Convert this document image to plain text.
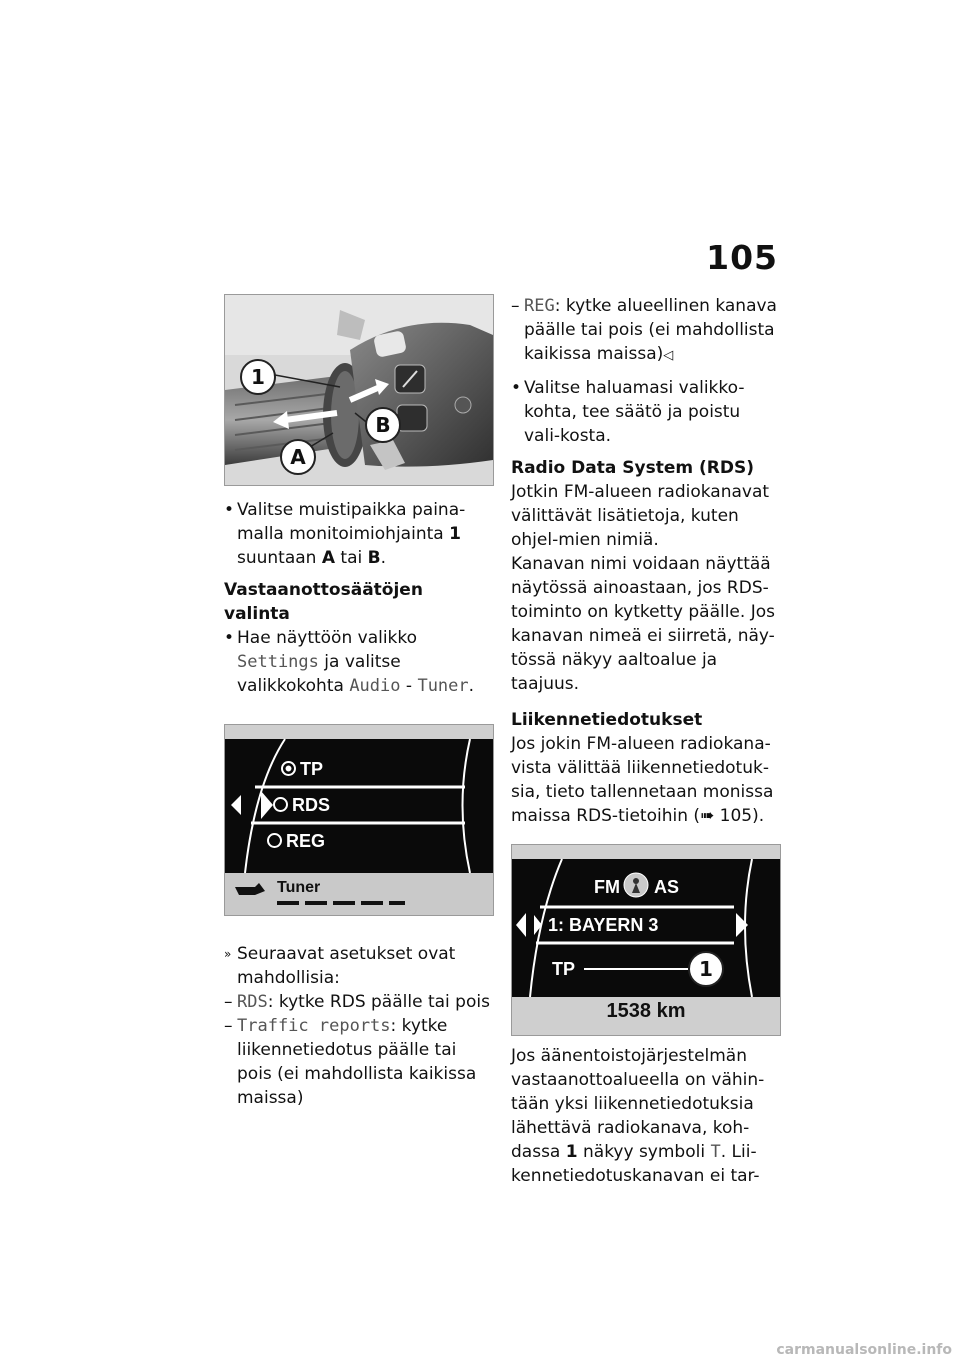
105
1
A
B

• Valitse muistipaikka paina-malla monitoimiohjainta 1 suuntaan A tai B.

Vastaanottosäätöjen valinta

• Hae näyttöön valikko Settings ja valitse valikkokohta Audio - Tuner.

TP
RDS
REG
Tuner

» Seuraavat asetukset ovat mahdollisia:

– RDS: kytke RDS päälle tai pois

– Traffic reports: kytke liikennetiedotus päälle tai pois (ei mahdollista kaikissa maissa)

– REG: kytke alueellinen kanava päälle tai pois (ei mahdollista kaikissa maissa)◁

• Valitse haluamasi valikko-kohta, tee säätö ja poistu vali-kosta.

Radio Data System (RDS)

Jotkin FM-alueen radiokanavat välittävät lisätietoja, kuten ohjel-mien nimiä.

Kanavan nimi voidaan näyttää näytössä ainoastaan, jos RDS-toiminto on kytketty päälle. Jos kanavan nimeä ei siirretä, näy-tössä näkyy aaltoalue ja taajuus.

Liikennetiedotukset

Jos jokin FM-alueen radiokana-vista välittää liikennetiedotuk-sia, tieto tallennetaan monissa maissa RDS-tietoihin (➠ 105).

FM AS
1: BAYERN 3
TP	1
1538 km

Jos äänentoistojärjestelmän vastaanottoalueella on vähin-tään yksi liikennetiedotuksia lähettävä radiokanava, koh-dassa 1 näkyy symboli T. Lii-kennetiedotuskanavan ei tar-

carmanualsonline.info
